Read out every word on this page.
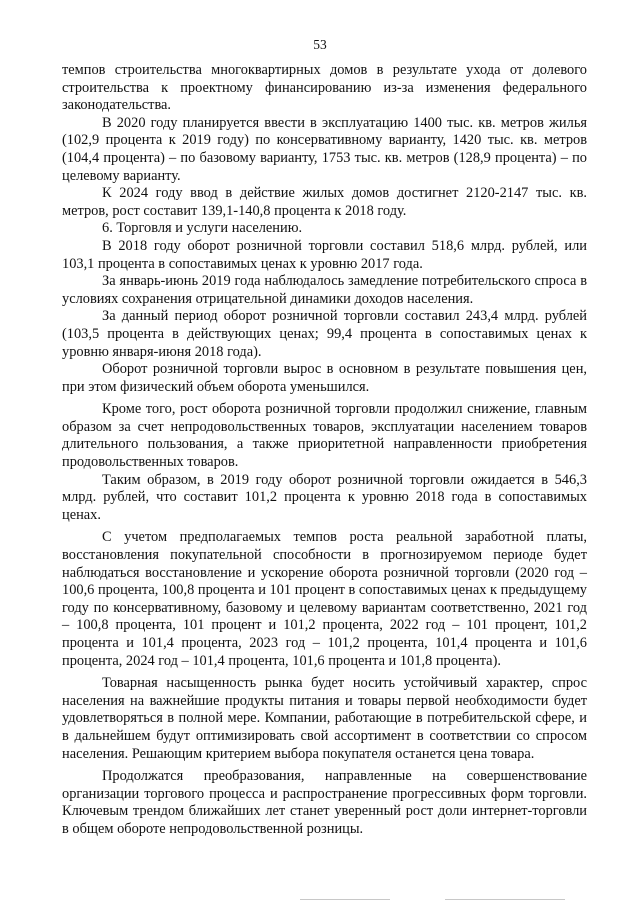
53

темпов строительства многоквартирных домов в результате ухода от долевого строительства к проектному финансированию из-за изменения федерального законодательства.

В 2020 году планируется ввести в эксплуатацию 1400 тыс. кв. метров жилья (102,9 процента к 2019 году) по консервативному варианту, 1420 тыс. кв. метров (104,4 процента) – по базовому варианту, 1753 тыс. кв. метров (128,9 процента) – по целевому варианту.

К 2024 году ввод в действие жилых домов достигнет 2120-2147 тыс. кв. метров, рост составит 139,1-140,8 процента к 2018 году.

6. Торговля и услуги населению.

В 2018 году оборот розничной торговли составил 518,6 млрд. рублей, или 103,1 процента в сопоставимых ценах к уровню 2017 года.

За январь-июнь 2019 года наблюдалось замедление потребительского спроса в условиях сохранения отрицательной динамики доходов населения.

За данный период оборот розничной торговли составил 243,4 млрд. рублей (103,5 процента в действующих ценах; 99,4 процента в сопоставимых ценах к уровню января-июня 2018 года).

Оборот розничной торговли вырос в основном в результате повышения цен, при этом физический объем оборота уменьшился.

Кроме того, рост оборота розничной торговли продолжил снижение, главным образом за счет непродовольственных товаров, эксплуатации населением товаров длительного пользования, а также приоритетной направленности приобретения продовольственных товаров.

Таким образом, в 2019 году оборот розничной торговли ожидается в 546,3 млрд. рублей, что составит 101,2 процента к уровню 2018 года в сопоставимых ценах.

С учетом предполагаемых темпов роста реальной заработной платы, восстановления покупательной способности в прогнозируемом периоде будет наблюдаться восстановление и ускорение оборота розничной торговли (2020 год – 100,6 процента, 100,8 процента и 101 процент в сопоставимых ценах к предыдущему году по консервативному, базовому и целевому вариантам соответственно, 2021 год – 100,8 процента, 101 процент и 101,2 процента, 2022 год – 101 процент, 101,2 процента и 101,4 процента, 2023 год – 101,2 процента, 101,4 процента и 101,6 процента, 2024 год – 101,4 процента, 101,6 процента и 101,8 процента).

Товарная насыщенность рынка будет носить устойчивый характер, спрос населения на важнейшие продукты питания и товары первой необходимости будет удовлетворяться в полной мере. Компании, работающие в потребительской сфере, и в дальнейшем будут оптимизировать свой ассортимент в соответствии со спросом населения. Решающим критерием выбора покупателя останется цена товара.

Продолжатся преобразования, направленные на совершенствование организации торгового процесса и распространение прогрессивных форм торговли. Ключевым трендом ближайших лет станет уверенный рост доли интернет-торговли в общем обороте непродовольственной розницы.
